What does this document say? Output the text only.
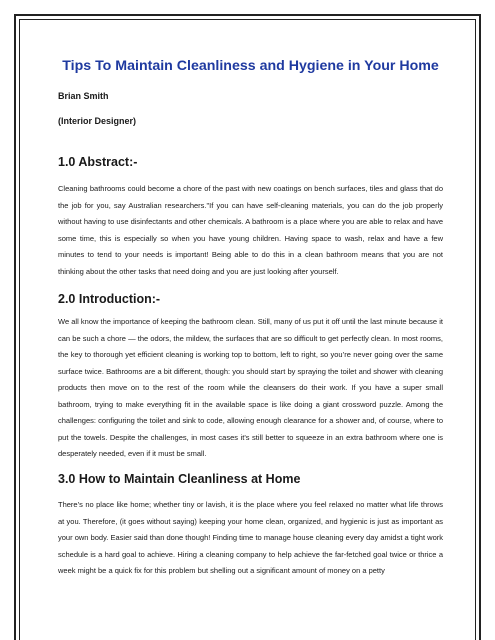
Tips To Maintain Cleanliness and Hygiene in Your Home

Brian Smith

(Interior Designer)

1.0 Abstract:-

Cleaning bathrooms could become a chore of the past with new coatings on bench surfaces, tiles and glass that do the job for you, say Australian researchers."If you can have self-cleaning materials, you can do the job properly without having to use disinfectants and other chemicals. A bathroom is a place where you are able to relax and have some time, this is especially so when you have young children. Having space to wash, relax and have a few minutes to tend to your needs is important! Being able to do this in a clean bathroom means that you are not thinking about the other tasks that need doing and you are just looking after yourself.

2.0 Introduction:-

We all know the importance of keeping the bathroom clean. Still, many of us put it off until the last minute because it can be such a chore — the odors, the mildew, the surfaces that are so difficult to get perfectly clean. In most rooms, the key to thorough yet efficient cleaning is working top to bottom, left to right, so you’re never going over the same surface twice. Bathrooms are a bit different, though: you should start by spraying the toilet and shower with cleaning products then move on to the rest of the room while the cleansers do their work. If you have a super small bathroom, trying to make everything fit in the available space is like doing a giant crossword puzzle. Among the challenges: configuring the toilet and sink to code, allowing enough clearance for a shower and, of course, where to put the towels. Despite the challenges, in most cases it's still better to squeeze in an extra bathroom where one is desperately needed, even if it must be small.

3.0 How to Maintain Cleanliness at Home

There’s no place like home; whether tiny or lavish, it is the place where you feel relaxed no matter what life throws at you. Therefore, (it goes without saying) keeping your home clean, organized, and hygienic is just as important as your own body. Easier said than done though! Finding time to manage house cleaning every day amidst a tight work schedule is a hard goal to achieve. Hiring a cleaning company to help achieve the far-fetched goal twice or thrice a week might be a quick fix for this problem but shelling out a significant amount of money on a petty
